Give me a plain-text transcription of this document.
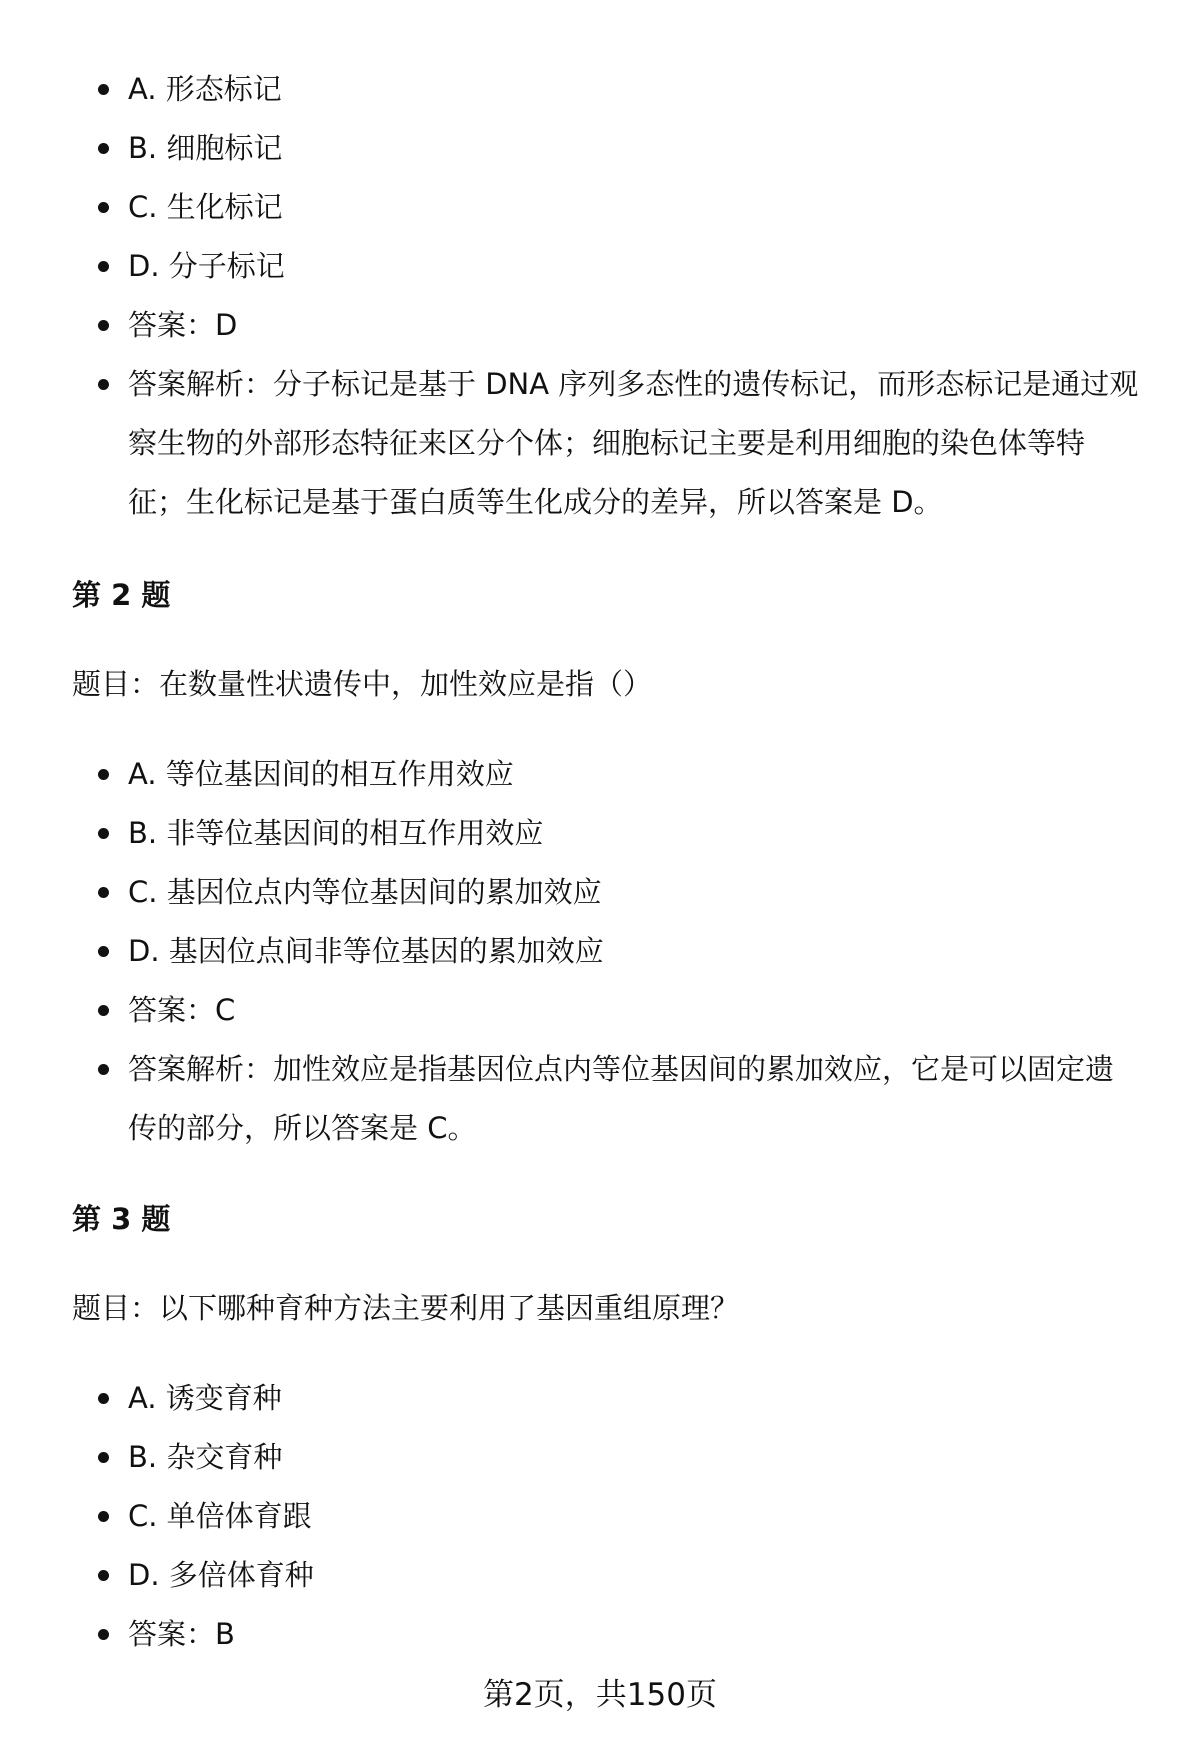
A. 形态标记
B. 细胞标记
C. 生化标记
D. 分子标记
答案：D
答案解析：分子标记是基于 DNA 序列多态性的遗传标记，而形态标记是通过观察生物的外部形态特征来区分个体；细胞标记主要是利用细胞的染色体等特征；生化标记是基于蛋白质等生化成分的差异，所以答案是 D。
第 2 题
题目：在数量性状遗传中，加性效应是指（）
A. 等位基因间的相互作用效应
B. 非等位基因间的相互作用效应
C. 基因位点内等位基因间的累加效应
D. 基因位点间非等位基因的累加效应
答案：C
答案解析：加性效应是指基因位点内等位基因间的累加效应，它是可以固定遗传的部分，所以答案是 C。
第 3 题
题目：以下哪种育种方法主要利用了基因重组原理？
A. 诱变育种
B. 杂交育种
C. 单倍体育跟
D. 多倍体育种
答案：B
第2页，共150页
